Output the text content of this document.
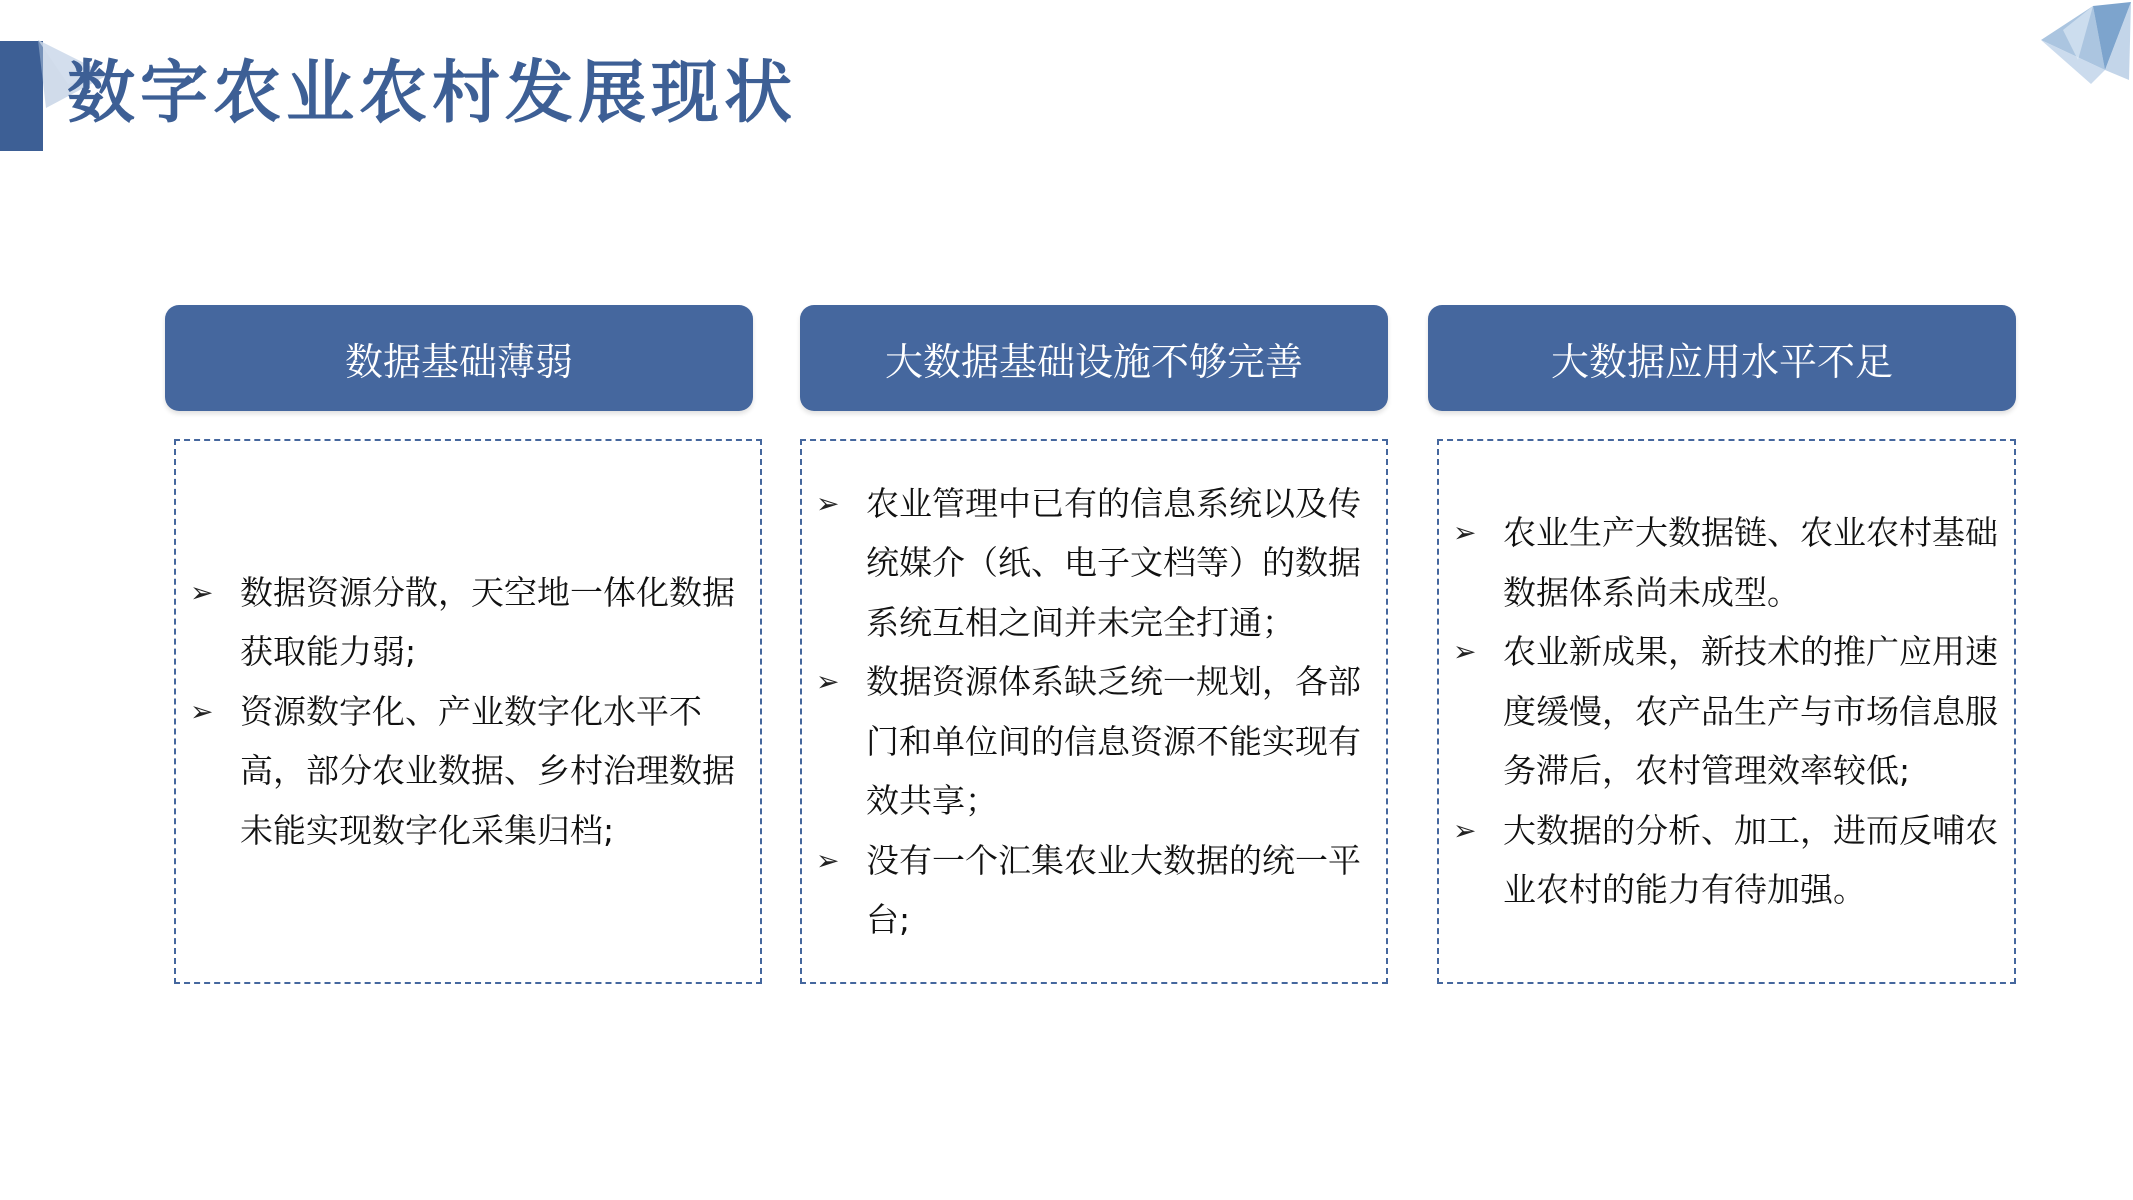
数字农业农村发展现状
数据基础薄弱
➢ 数据资源分散，天空地一体化数据获取能力弱;
➢ 资源数字化、产业数字化水平不高，部分农业数据、乡村治理数据未能实现数字化采集归档;
大数据基础设施不够完善
➢ 农业管理中已有的信息系统以及传统媒介（纸、电子文档等）的数据系统互相之间并未完全打通；
➢ 数据资源体系缺乏统一规划，各部门和单位间的信息资源不能实现有效共享；
➢ 没有一个汇集农业大数据的统一平台;
大数据应用水平不足
➢ 农业生产大数据链、农业农村基础数据体系尚未成型。
➢ 农业新成果，新技术的推广应用速度缓慢，农产品生产与市场信息服务滞后，农村管理效率较低;
➢ 大数据的分析、加工，进而反哺农业农村的能力有待加强。
